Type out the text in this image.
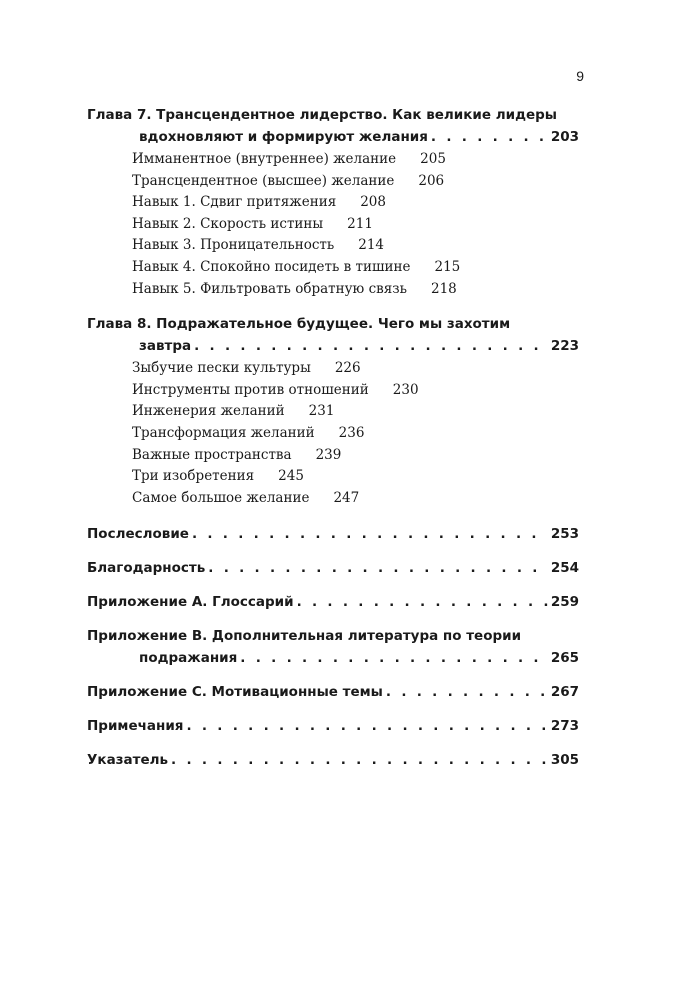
9
Глава 7. Трансцендентное лидерство. Как великие лидеры
вдохновляют и формируют желания . . .	203
Имманентное (внутреннее) желание 205
Трансцендентное (высшее) желание 206
Навык 1. Сдвиг притяжения 208
Навык 2. Скорость истины 211
Навык 3. Проницательность 214
Навык 4. Спокойно посидеть в тишине 215
Навык 5. Фильтровать обратную связь 218
Глава 8. Подражательное будущее. Чего мы захотим
завтра . . .	223
Зыбучие пески культуры 226
Инструменты против отношений 230
Инженерия желаний 231
Трансформация желаний 236
Важные пространства 239
Три изобретения 245
Самое большое желание 247
Послесловие . . .	253
Благодарность . . .	254
Приложение А. Глоссарий . . .	259
Приложение В. Дополнительная литература по теории
подражания . . .	265
Приложение С. Мотивационные темы . . .	267
Примечания . . .	273
Указатель . . .	305
